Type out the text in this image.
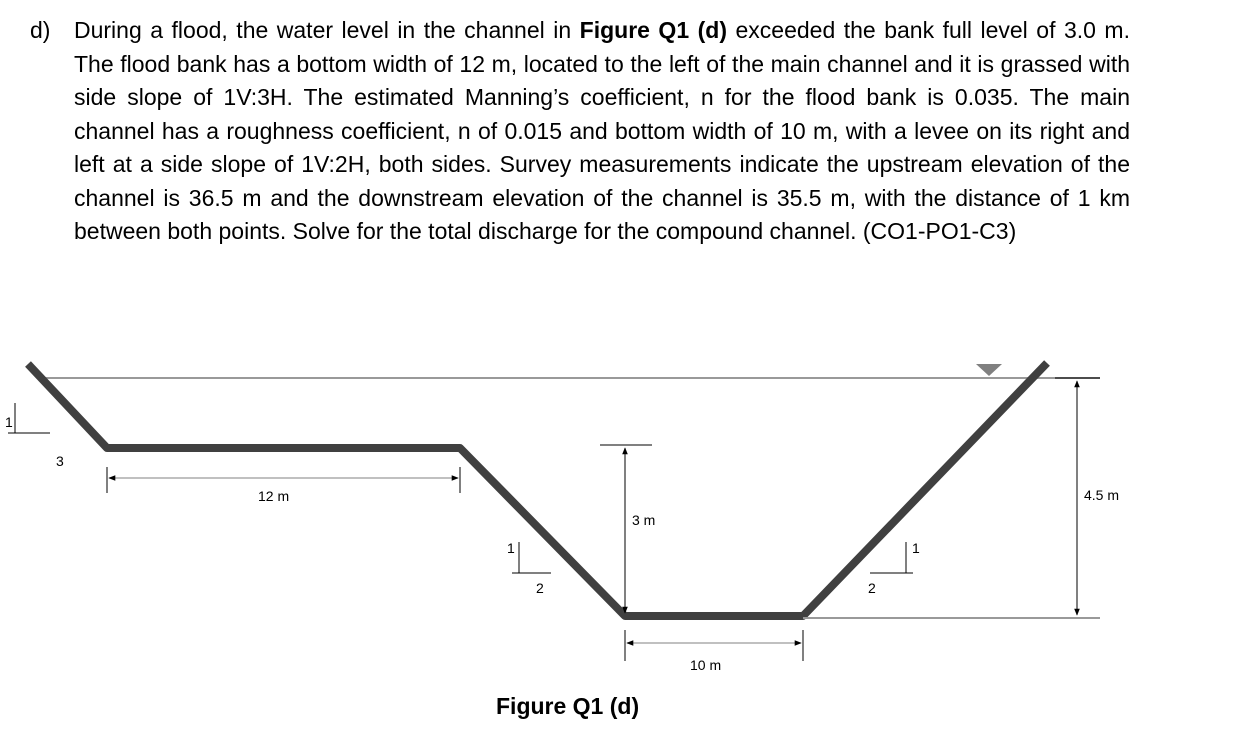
d) During a flood, the water level in the channel in Figure Q1 (d) exceeded the bank full level of 3.0 m. The flood bank has a bottom width of 12 m, located to the left of the main channel and it is grassed with side slope of 1V:3H. The estimated Manning’s coefficient, n for the flood bank is 0.035. The main channel has a roughness coefficient, n of 0.015 and bottom width of 10 m, with a levee on its right and left at a side slope of 1V:2H, both sides. Survey measurements indicate the upstream elevation of the channel is 36.5 m and the downstream elevation of the channel is 35.5 m, with the distance of 1 km between both points. Solve for the total discharge for the compound channel. (CO1-PO1-C3)
1
3
12 m
3 m
1
2
10 m
1
2
4.5 m
Figure Q1 (d)
